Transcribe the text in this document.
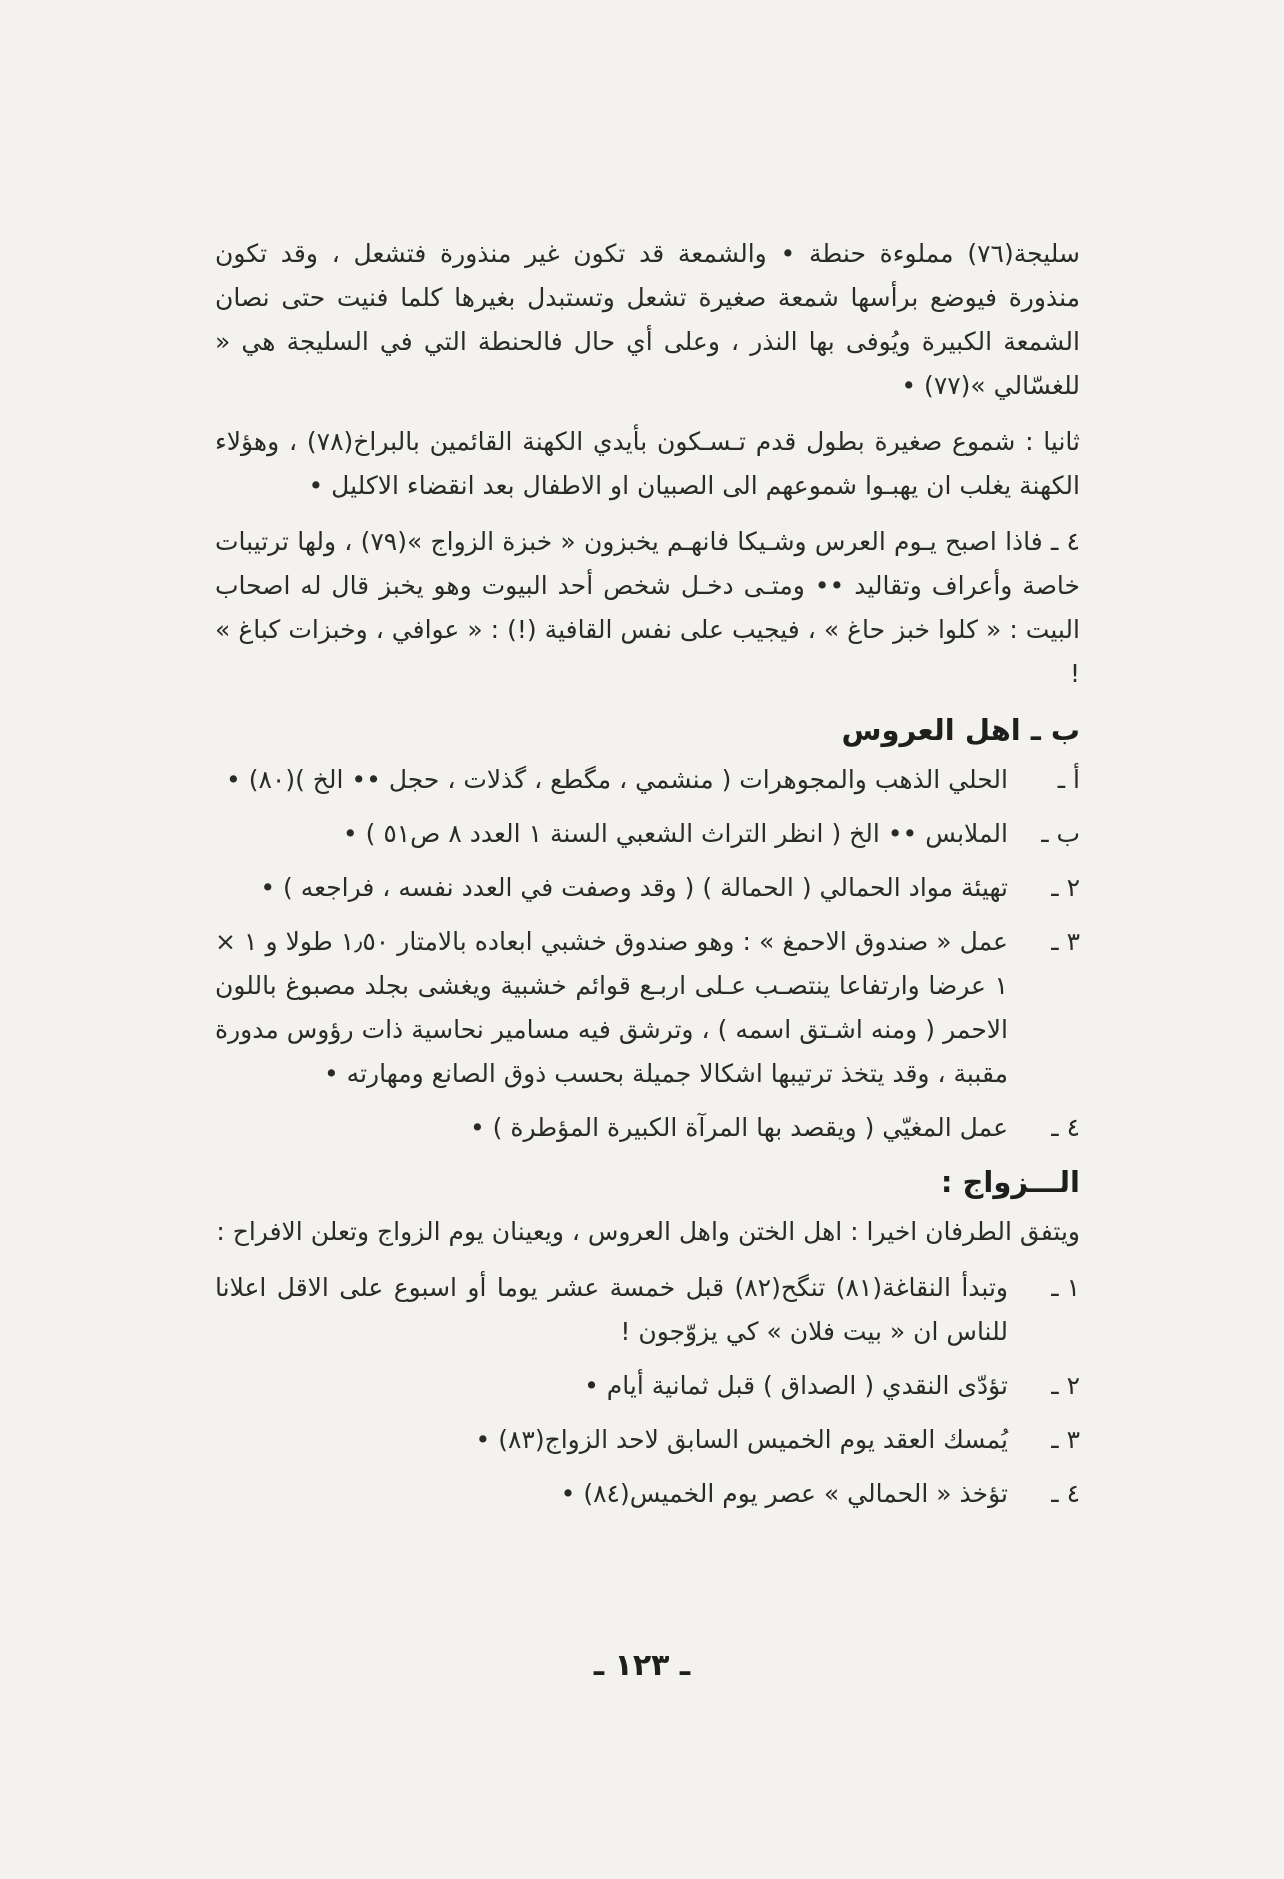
سليجة(٧٦) مملوءة حنطة • والشمعة قد تكون غير منذورة فتشعل ، وقد تكون منذورة فيوضع برأسها شمعة صغيرة تشعل وتستبدل بغيرها كلما فنيت حتى نصان الشمعة الكبيرة ويُوفى بها النذر ، وعلى أي حال فالحنطة التي في السليجة هي « للغسّالي »(٧٧) •

ثانيا : شموع صغيرة بطول قدم تـسـكون بأيدي الكهنة القائمين بالبراخ(٧٨) ، وهؤلاء الكهنة يغلب ان يهبـوا شموعهم الى الصبيان او الاطفال بعد انقضاء الاكليل •

٤ ـ فاذا اصبح يـوم العرس وشـيكا فانهـم يخبزون « خبزة الزواج »(٧٩) ، ولها ترتيبات خاصة وأعراف وتقاليد •• ومتـى دخـل شخص أحد البيوت وهو يخبز قال له اصحاب البيت : « كلوا خبز حاغ » ، فيجيب على نفس القافية (!) : « عوافي ، وخبزات كباغ » !

ب ـ اهل العروس
أ ـ
الحلي الذهب والمجوهرات ( منشمي ، مگطع ، گذلات ، حجل •• الخ )(٨٠) •
ب ـ
الملابس •• الخ ( انظر التراث الشعبي السنة ١ العدد ٨ ص٥١ ) •
٢ ـ
تهيئة مواد الحمالي ( الحمالة ) ( وقد وصفت في العدد نفسه ، فراجعه ) •
٣ ـ
عمل « صندوق الاحمغ » : وهو صندوق خشبي ابعاده بالامتار ١٫٥٠ طولا و ١ × ١ عرضا وارتفاعا ينتصـب عـلى اربـع قوائم خشبية ويغشى بجلد مصبوغ باللون الاحمر ( ومنه اشـتق اسمه ) ، وترشق فيه مسامير نحاسية ذات رؤوس مدورة مقببة ، وقد يتخذ ترتيبها اشكالا جميلة بحسب ذوق الصانع ومهارته •
٤ ـ
عمل المغيّي ( ويقصد بها المرآة الكبيرة المؤطرة ) •
الـــزواج :

ويتفق الطرفان اخيرا : اهل الختن واهل العروس ، ويعينان يوم الزواج وتعلن الافراح :

١ ـ
وتبدأ النقاغة(٨١) تنگح(٨٢) قبل خمسة عشر يوما أو اسبوع على الاقل اعلانا للناس ان « بيت فلان » كي يزوّجون !
٢ ـ
تؤدّى النقدي ( الصداق ) قبل ثمانية أيام •
٣ ـ
يُمسك العقد يوم الخميس السابق لاحد الزواج(٨٣) •
٤ ـ
تؤخذ « الحمالي » عصر يوم الخميس(٨٤) •
ـ ١٢٣ ـ
